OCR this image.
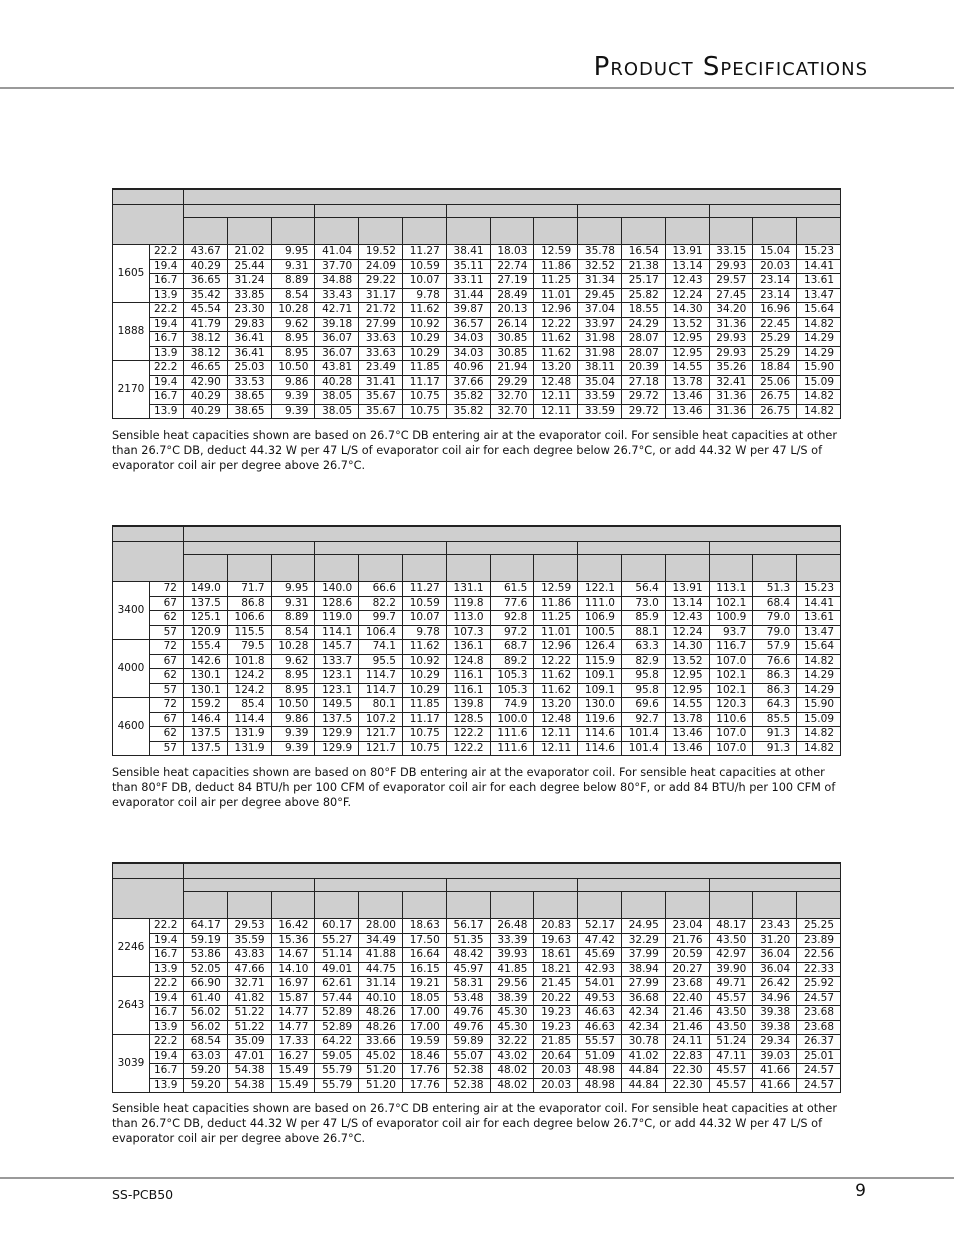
Product Specifications

1605	22.2	43.67	21.02	9.95	41.04	19.52	11.27	38.41	18.03	12.59	35.78	16.54	13.91	33.15	15.04	15.23
	19.4	40.29	25.44	9.31	37.70	24.09	10.59	35.11	22.74	11.86	32.52	21.38	13.14	29.93	20.03	14.41
	16.7	36.65	31.24	8.89	34.88	29.22	10.07	33.11	27.19	11.25	31.34	25.17	12.43	29.57	23.14	13.61
	13.9	35.42	33.85	8.54	33.43	31.17	9.78	31.44	28.49	11.01	29.45	25.82	12.24	27.45	23.14	13.47
1888	22.2	45.54	23.30	10.28	42.71	21.72	11.62	39.87	20.13	12.96	37.04	18.55	14.30	34.20	16.96	15.64
	19.4	41.79	29.83	9.62	39.18	27.99	10.92	36.57	26.14	12.22	33.97	24.29	13.52	31.36	22.45	14.82
	16.7	38.12	36.41	8.95	36.07	33.63	10.29	34.03	30.85	11.62	31.98	28.07	12.95	29.93	25.29	14.29
	13.9	38.12	36.41	8.95	36.07	33.63	10.29	34.03	30.85	11.62	31.98	28.07	12.95	29.93	25.29	14.29
2170	22.2	46.65	25.03	10.50	43.81	23.49	11.85	40.96	21.94	13.20	38.11	20.39	14.55	35.26	18.84	15.90
	19.4	42.90	33.53	9.86	40.28	31.41	11.17	37.66	29.29	12.48	35.04	27.18	13.78	32.41	25.06	15.09
	16.7	40.29	38.65	9.39	38.05	35.67	10.75	35.82	32.70	12.11	33.59	29.72	13.46	31.36	26.75	14.82
	13.9	40.29	38.65	9.39	38.05	35.67	10.75	35.82	32.70	12.11	33.59	29.72	13.46	31.36	26.75	14.82
Sensible heat capacities shown are based on 26.7°C DB entering air at the evaporator coil. For sensible heat capacities at other than 26.7°C DB, deduct 44.32 W per 47 L/S of evaporator coil air for each degree below 26.7°C, or add 44.32 W per 47 L/S of evaporator coil air per degree above 26.7°C.

3400	72	149.0	71.7	9.95	140.0	66.6	11.27	131.1	61.5	12.59	122.1	56.4	13.91	113.1	51.3	15.23
	67	137.5	86.8	9.31	128.6	82.2	10.59	119.8	77.6	11.86	111.0	73.0	13.14	102.1	68.4	14.41
	62	125.1	106.6	8.89	119.0	99.7	10.07	113.0	92.8	11.25	106.9	85.9	12.43	100.9	79.0	13.61
	57	120.9	115.5	8.54	114.1	106.4	9.78	107.3	97.2	11.01	100.5	88.1	12.24	93.7	79.0	13.47
4000	72	155.4	79.5	10.28	145.7	74.1	11.62	136.1	68.7	12.96	126.4	63.3	14.30	116.7	57.9	15.64
	67	142.6	101.8	9.62	133.7	95.5	10.92	124.8	89.2	12.22	115.9	82.9	13.52	107.0	76.6	14.82
	62	130.1	124.2	8.95	123.1	114.7	10.29	116.1	105.3	11.62	109.1	95.8	12.95	102.1	86.3	14.29
	57	130.1	124.2	8.95	123.1	114.7	10.29	116.1	105.3	11.62	109.1	95.8	12.95	102.1	86.3	14.29
4600	72	159.2	85.4	10.50	149.5	80.1	11.85	139.8	74.9	13.20	130.0	69.6	14.55	120.3	64.3	15.90
	67	146.4	114.4	9.86	137.5	107.2	11.17	128.5	100.0	12.48	119.6	92.7	13.78	110.6	85.5	15.09
	62	137.5	131.9	9.39	129.9	121.7	10.75	122.2	111.6	12.11	114.6	101.4	13.46	107.0	91.3	14.82
	57	137.5	131.9	9.39	129.9	121.7	10.75	122.2	111.6	12.11	114.6	101.4	13.46	107.0	91.3	14.82
Sensible heat capacities shown are based on 80°F DB entering air at the evaporator coil. For sensible heat capacities at other than 80°F DB, deduct 84 BTU/h per 100 CFM of evaporator coil air for each degree below 80°F, or add 84 BTU/h per 100 CFM of evaporator coil air per degree above 80°F.

2246	22.2	64.17	29.53	16.42	60.17	28.00	18.63	56.17	26.48	20.83	52.17	24.95	23.04	48.17	23.43	25.25
	19.4	59.19	35.59	15.36	55.27	34.49	17.50	51.35	33.39	19.63	47.42	32.29	21.76	43.50	31.20	23.89
	16.7	53.86	43.83	14.67	51.14	41.88	16.64	48.42	39.93	18.61	45.69	37.99	20.59	42.97	36.04	22.56
	13.9	52.05	47.66	14.10	49.01	44.75	16.15	45.97	41.85	18.21	42.93	38.94	20.27	39.90	36.04	22.33
2643	22.2	66.90	32.71	16.97	62.61	31.14	19.21	58.31	29.56	21.45	54.01	27.99	23.68	49.71	26.42	25.92
	19.4	61.40	41.82	15.87	57.44	40.10	18.05	53.48	38.39	20.22	49.53	36.68	22.40	45.57	34.96	24.57
	16.7	56.02	51.22	14.77	52.89	48.26	17.00	49.76	45.30	19.23	46.63	42.34	21.46	43.50	39.38	23.68
	13.9	56.02	51.22	14.77	52.89	48.26	17.00	49.76	45.30	19.23	46.63	42.34	21.46	43.50	39.38	23.68
3039	22.2	68.54	35.09	17.33	64.22	33.66	19.59	59.89	32.22	21.85	55.57	30.78	24.11	51.24	29.34	26.37
	19.4	63.03	47.01	16.27	59.05	45.02	18.46	55.07	43.02	20.64	51.09	41.02	22.83	47.11	39.03	25.01
	16.7	59.20	54.38	15.49	55.79	51.20	17.76	52.38	48.02	20.03	48.98	44.84	22.30	45.57	41.66	24.57
	13.9	59.20	54.38	15.49	55.79	51.20	17.76	52.38	48.02	20.03	48.98	44.84	22.30	45.57	41.66	24.57
Sensible heat capacities shown are based on 26.7°C DB entering air at the evaporator coil. For sensible heat capacities at other than 26.7°C DB, deduct 44.32 W per 47 L/S of evaporator coil air for each degree below 26.7°C, or add 44.32 W per 47 L/S of evaporator coil air per degree above 26.7°C.
SS-PCB50	9
